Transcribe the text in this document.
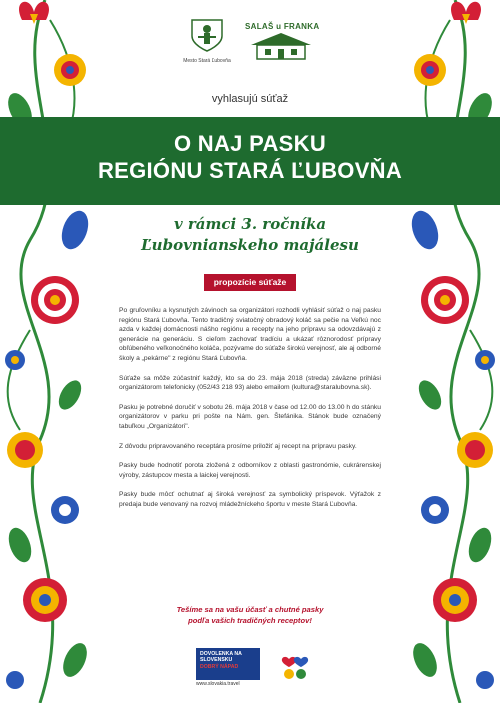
Mesto Stará Ľubovňa
SALAŠ u FRANKA
vyhlasujú súťaž
O NAJ PASKU
REGIÓNU STARÁ ĽUBOVŇA
v rámci 3. ročníka
Ľubovnianskeho majálesu
propozície súťaže

Po gruľovníku a kysnutých závinoch sa organizátori rozhodli vyhlásiť súťaž o naj pasku regiónu Stará Ľubovňa. Tento tradičný sviatočný obradový koláč sa pečie na Veľkú noc azda v každej domácnosti nášho regiónu a recepty na jeho prípravu sa odovzdávajú z generácie na generáciu. S cieľom zachovať tradíciu a ukázať rôznorodosť prípravy obľúbeného veľkonočného koláča, pozývame do súťaže širokú verejnosť, ale aj odborné školy a „pekárne" z regiónu Stará Ľubovňa.

Súťaže sa môže zúčastniť každý, kto sa do 23. mája 2018 (streda) záväzne prihlási organizátorom telefonicky (052/43 218 93) alebo emailom (kultura@staralubovna.sk).

Pasku je potrebné doručiť v sobotu 26. mája 2018 v čase od 12.00 do 13.00 h do stánku organizátorov v parku pri pošte na Nám. gen. Štefánika. Stánok bude označený tabuľkou „Organizátori".

Z dôvodu pripravovaného receptára prosíme priložiť aj recept na prípravu pasky.

Pasky bude hodnotiť porota zložená z odborníkov z oblasti gastronómie, cukrárenskej výroby, zástupcov mesta a laickej verejnosti.

Pasky bude môcť ochutnať aj široká verejnosť za symbolický príspevok. Výťažok z predaja bude venovaný na rozvoj mládežníckeho športu v meste Stará Ľubovňa.

Tešíme sa na vašu účasť a chutné pasky
podľa vašich tradičných receptov!
DOVOLENKA NA
SLOVENSKU
DOBRÝ NÁPAD
www.slovakia.travel
